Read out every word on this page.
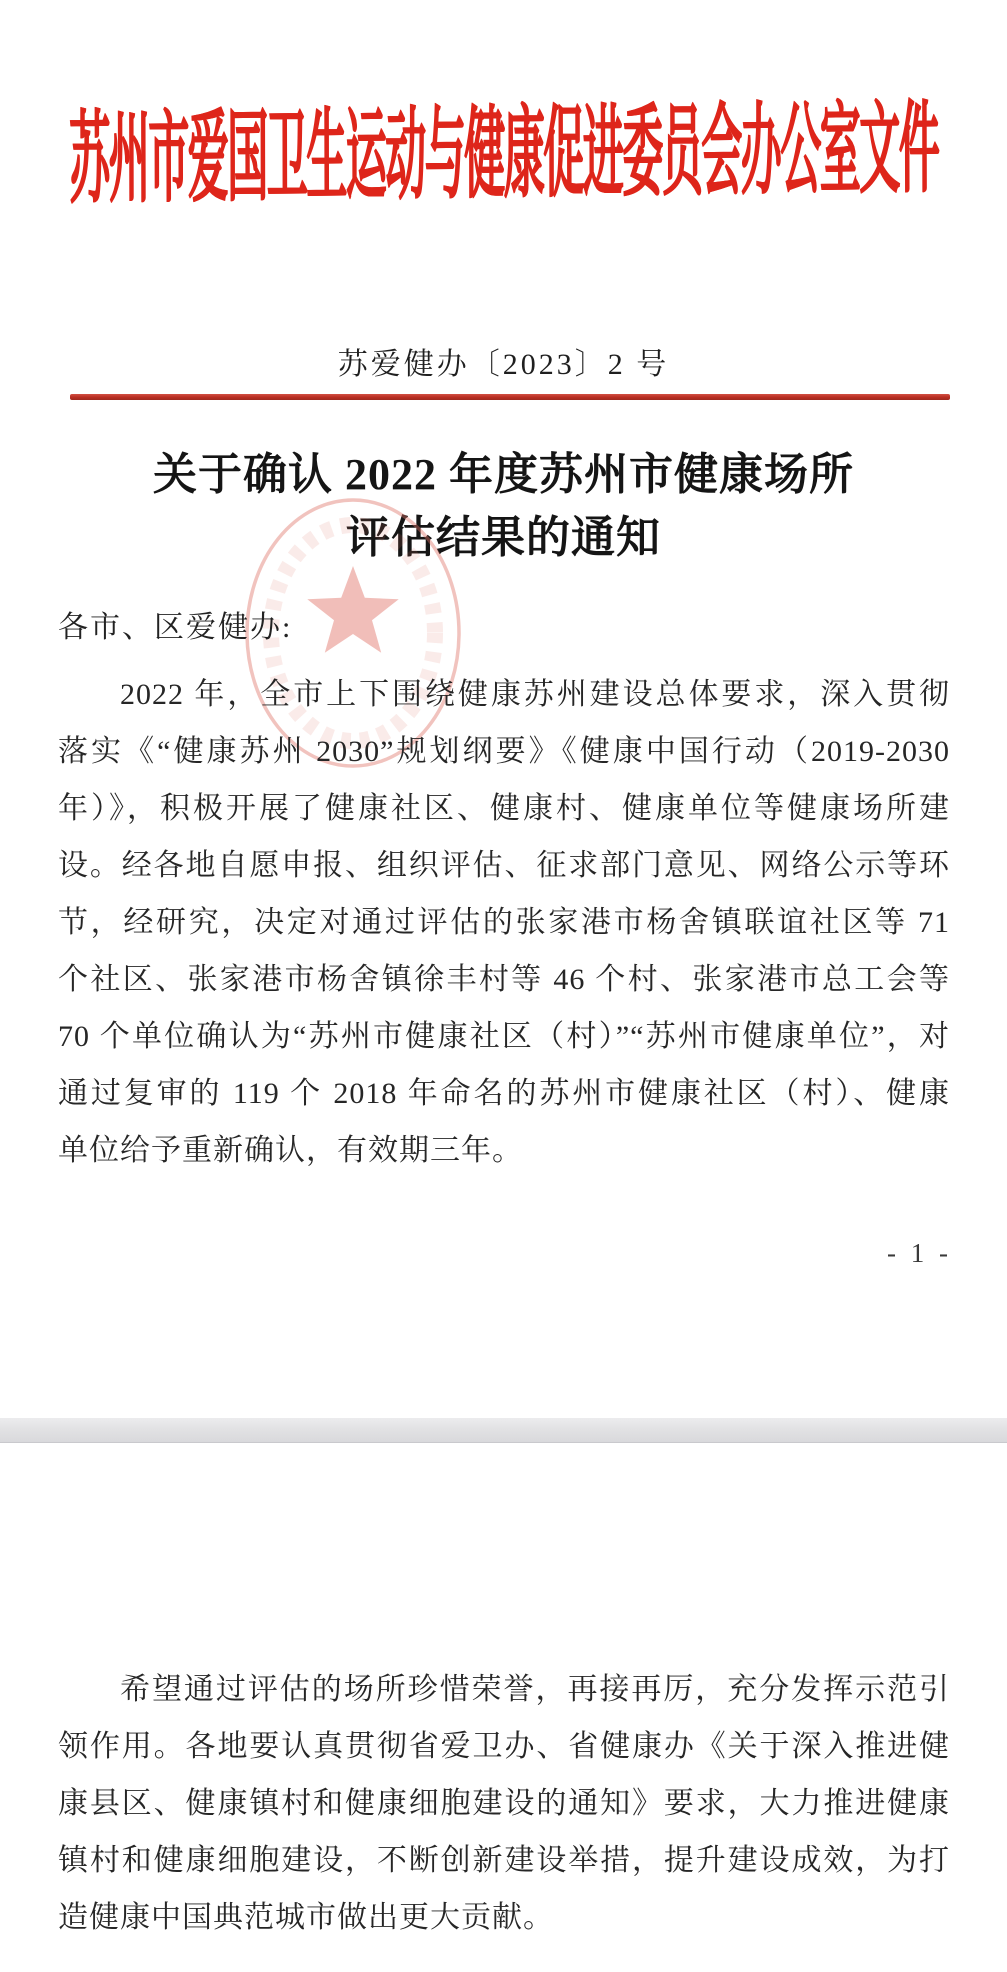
苏州市爱国卫生运动与健康促进委员会办公室文件
苏爱健办〔2023〕2 号
关于确认 2022 年度苏州市健康场所
评估结果的通知
各市、区爱健办:
2022 年，全市上下围绕健康苏州建设总体要求，深入贯彻
落实《“健康苏州 2030”规划纲要》《健康中国行动（2019-2030
年）》，积极开展了健康社区、健康村、健康单位等健康场所建
设。经各地自愿申报、组织评估、征求部门意见、网络公示等环
节，经研究，决定对通过评估的张家港市杨舍镇联谊社区等 71
个社区、张家港市杨舍镇徐丰村等 46 个村、张家港市总工会等
70 个单位确认为“苏州市健康社区（村）”“苏州市健康单位”，对
通过复审的 119 个 2018 年命名的苏州市健康社区（村）、健康
单位给予重新确认，有效期三年。
- 1 -
希望通过评估的场所珍惜荣誉，再接再厉，充分发挥示范引
领作用。各地要认真贯彻省爱卫办、省健康办《关于深入推进健
康县区、健康镇村和健康细胞建设的通知》要求，大力推进健康
镇村和健康细胞建设，不断创新建设举措，提升建设成效，为打
造健康中国典范城市做出更大贡献。
